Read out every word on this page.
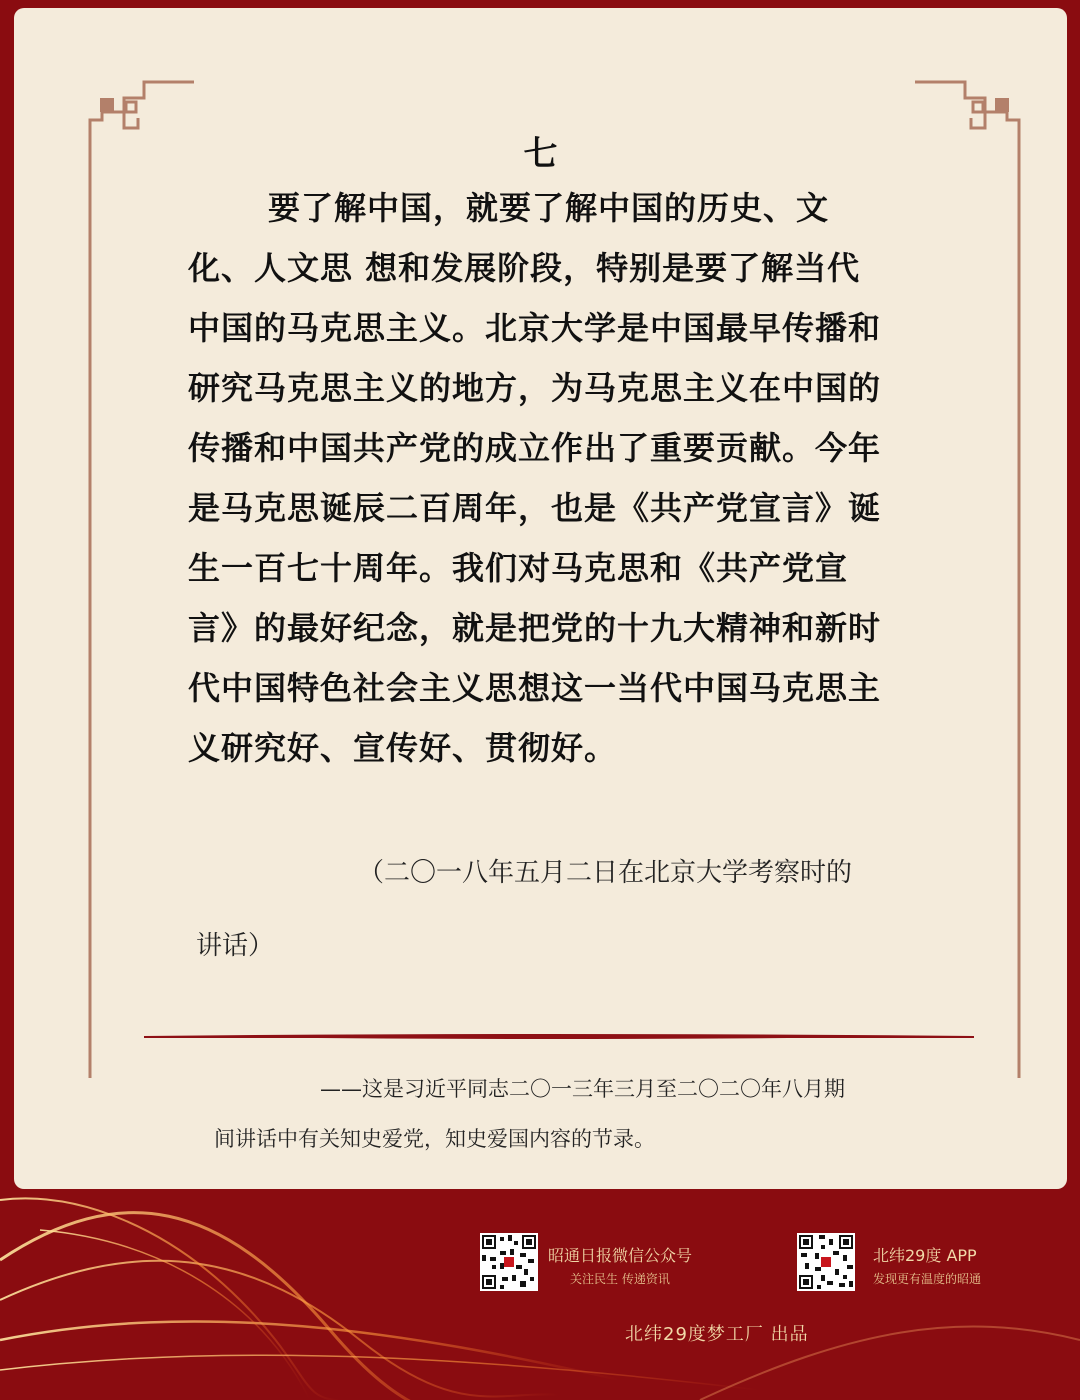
七

要了解中国，就要了解中国的历史、文化、人文思 想和发展阶段，特别是要了解当代中国的马克思主义。北京大学是中国最早传播和研究马克思主义的地方，为马克思主义在中国的传播和中国共产党的成立作出了重要贡献。今年是马克思诞辰二百周年，也是《共产党宣言》诞生一百七十周年。我们对马克思和《共产党宣言》的最好纪念，就是把党的十九大精神和新时代中国特色社会主义思想这一当代中国马克思主义研究好、宣传好、贯彻好。

（二〇一八年五月二日在北京大学考察时的
讲话）
——这是习近平同志二〇一三年三月至二〇二〇年八月期
间讲话中有关知史爱党，知史爱国内容的节录。
昭通日报微信公众号
关注民生 传递资讯
北纬29度 APP
发现更有温度的昭通
北纬29度梦工厂 出品
